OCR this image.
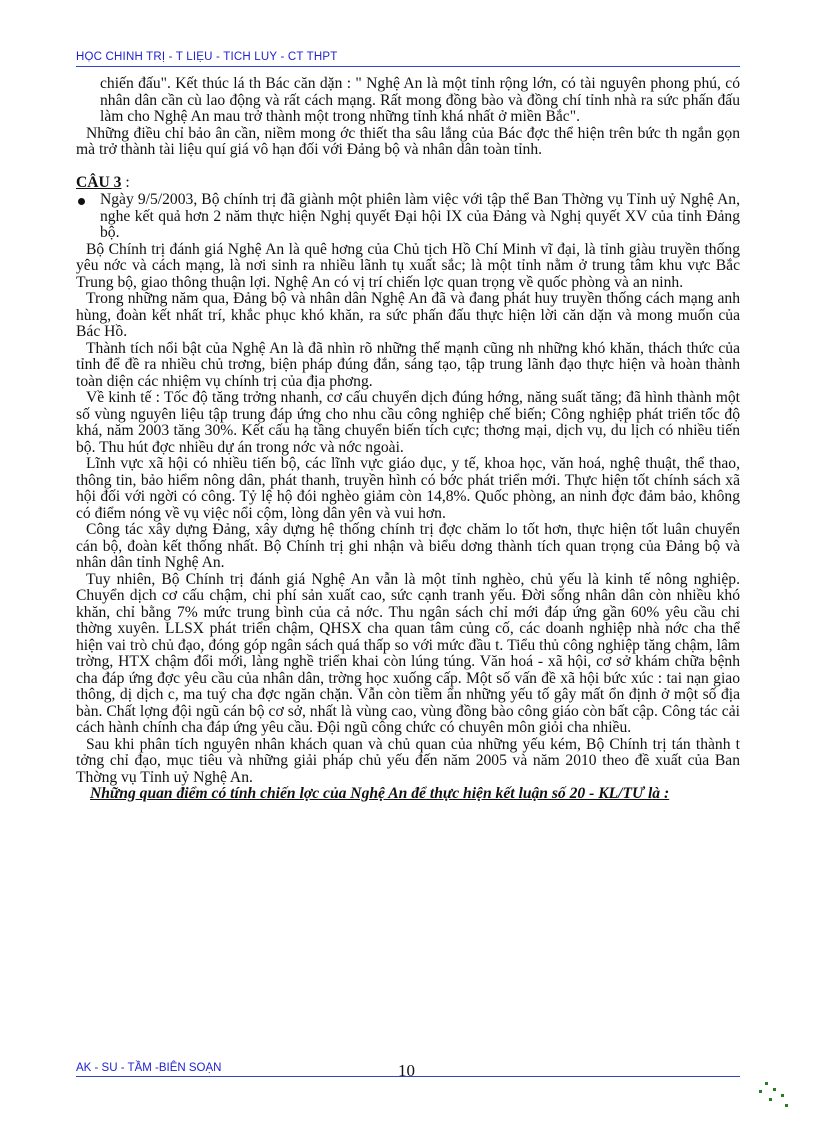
HỌC CHÍNH TRỊ - T LIỆU - TÍCH LŨY - CT THPT

chiến đấu". Kết thúc lá th Bác căn dặn : " Nghệ An là một tỉnh rộng lớn, có tài nguyên phong phú, có nhân dân cần cù lao động và rất cách mạng. Rất mong đồng bào và đồng chí tỉnh nhà ra sức phấn đấu làm cho Nghệ An mau trở thành một trong những tỉnh khá nhất ở miền Bắc".

Những điều chỉ bảo ân cần, niềm mong ớc thiết tha sâu lắng của Bác đợc thể hiện trên bức th ngắn gọn mà trở thành tài liệu quí giá vô hạn đối với Đảng bộ và nhân dân toàn tỉnh.

CÂU 3 :

Ngày 9/5/2003, Bộ chính trị đã giành một phiên làm việc với tập thể Ban Thờng vụ Tỉnh uỷ Nghệ An, nghe kết quả hơn 2 năm thực hiện Nghị quyết Đại hội IX của Đảng và Nghị quyết XV của tỉnh Đảng bộ.

Bộ Chính trị đánh giá Nghệ An là quê hơng của Chủ tịch Hồ Chí Minh vĩ đại, là tỉnh giàu truyền thống yêu nớc và cách mạng, là nơi sinh ra nhiều lãnh tụ xuất sắc; là một tỉnh nằm ở trung tâm khu vực Bắc Trung bộ, giao thông thuận lợi. Nghệ An có vị trí chiến lợc quan trọng về quốc phòng và an ninh.

Trong những năm qua, Đảng bộ và nhân dân Nghệ An đã và đang phát huy truyền thống cách mạng anh hùng, đoàn kết nhất trí, khắc phục khó khăn, ra sức phấn đấu thực hiện lời căn dặn và mong muốn của Bác Hồ.

Thành tích nổi bật của Nghệ An là đã nhìn rõ những thế mạnh cũng nh những khó khăn, thách thức của tỉnh để đề ra nhiều chủ trơng, biện pháp đúng đắn, sáng tạo, tập trung lãnh đạo thực hiện và hoàn thành toàn diện các nhiệm vụ chính trị của địa phơng.

Về kinh tế : Tốc độ tăng trởng nhanh, cơ cấu chuyển dịch đúng hớng, năng suất tăng; đã hình thành một số vùng nguyên liệu tập trung đáp ứng cho nhu cầu công nghiệp chế biến; Công nghiệp phát triển tốc độ khá, năm 2003 tăng 30%. Kết cấu hạ tầng chuyển biến tích cực; thơng mại, dịch vụ, du lịch có nhiều tiến bộ. Thu hút đợc nhiều dự án trong nớc và nớc ngoài.

Lĩnh vực xã hội có nhiều tiến bộ, các lĩnh vực giáo dục, y tế, khoa học, văn hoá, nghệ thuật, thể thao, thông tin, bảo hiểm nông dân, phát thanh, truyền hình có bớc phát triển mới. Thực hiện tốt chính sách xã hội đối với ngời có công. Tỷ lệ hộ đói nghèo giảm còn 14,8%. Quốc phòng, an ninh đợc đảm bảo, không có điểm nóng về vụ việc nổi cộm, lòng dân yên và vui hơn.

Công tác xây dựng Đảng, xây dựng hệ thống chính trị đợc chăm lo tốt hơn, thực hiện tốt luân chuyển cán bộ, đoàn kết thống nhất. Bộ Chính trị ghi nhận và biểu dơng thành tích quan trọng của Đảng bộ và nhân dân tỉnh Nghệ An.

Tuy nhiên, Bộ Chính trị đánh giá Nghệ An vẫn là một tỉnh nghèo, chủ yếu là kinh tế nông nghiệp. Chuyển dịch cơ cấu chậm, chi phí sản xuất cao, sức cạnh tranh yếu. Đời sống nhân dân còn nhiều khó khăn, chỉ bằng 7% mức trung bình của cả nớc. Thu ngân sách chỉ mới đáp ứng gần 60% yêu cầu chi thờng xuyên. LLSX phát triển chậm, QHSX cha quan tâm củng cố, các doanh nghiệp nhà nớc cha thể hiện vai trò chủ đạo, đóng góp ngân sách quá thấp so với mức đầu t. Tiểu thủ công nghiệp tăng chậm, lâm trờng, HTX chậm đổi mới, làng nghề triển khai còn lúng túng. Văn hoá - xã hội, cơ sở khám chữa bệnh cha đáp ứng đợc yêu cầu của nhân dân, trờng học xuống cấp. Một số vấn đề xã hội bức xúc : tai nạn giao thông, dị dịch c, ma tuý cha đợc ngăn chặn. Vẫn còn tiềm ẩn những yếu tố gây mất ổn định ở một số địa bàn. Chất lợng đội ngũ cán bộ cơ sở, nhất là vùng cao, vùng đồng bào công giáo còn bất cập. Công tác cải cách hành chính cha đáp ứng yêu cầu. Đội ngũ công chức có chuyên môn giỏi cha nhiều.

Sau khi phân tích nguyên nhân khách quan và chủ quan của những yếu kém, Bộ Chính trị tán thành t tởng chỉ đạo, mục tiêu và những giải pháp chủ yếu đến năm 2005 và năm 2010 theo đề xuất của Ban Thờng vụ Tỉnh uỷ Nghệ An.

Những quan điểm có tính chiến lợc của Nghệ An để thực hiện kết luận số 20 - KL/TƯ là :

AK - SU - TẦM -BIÊN SOẠN	10
